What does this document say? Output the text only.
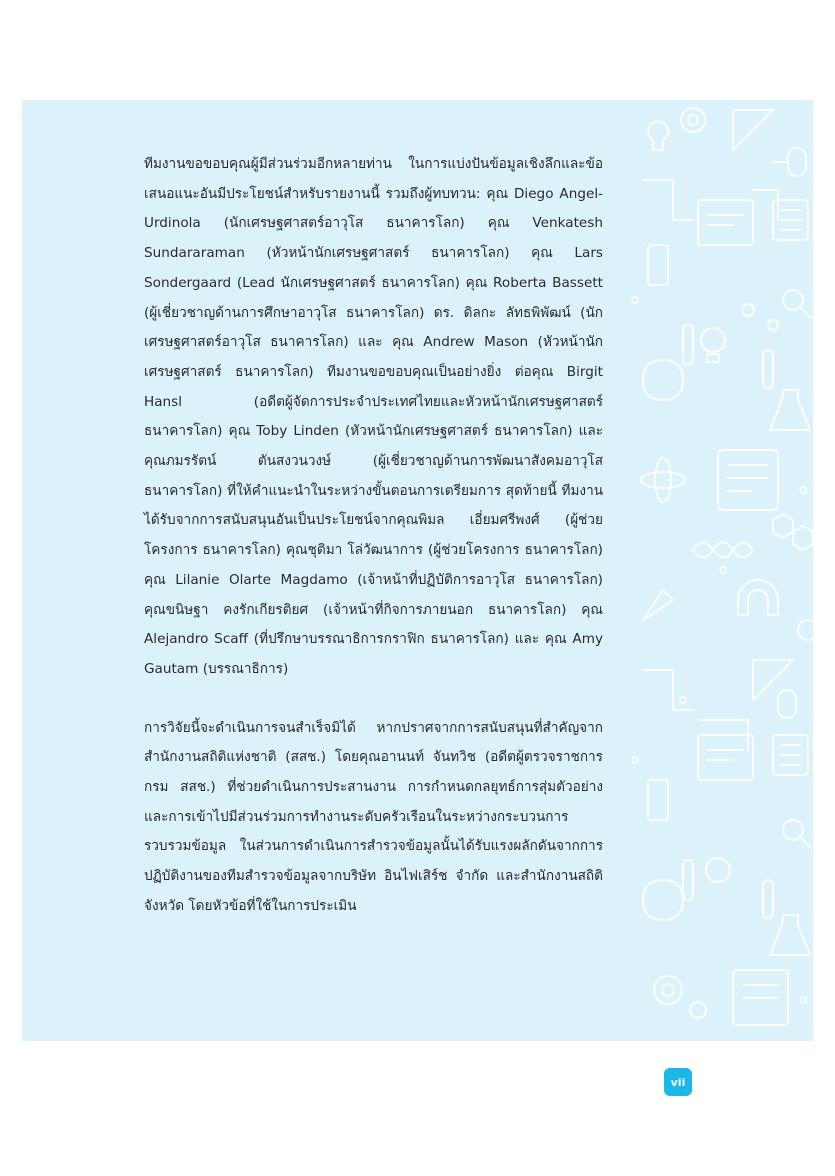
ทีมงานขอขอบคุณผู้มีส่วนร่วมอีกหลายท่าน ในการแบ่งปันข้อมูลเชิงลึกและข้อเสนอแนะอันมีประโยชน์สำหรับรายงานนี้ รวมถึงผู้ทบทวน: คุณ Diego Angel-Urdinola (นักเศรษฐศาสตร์อาวุโส ธนาคารโลก) คุณ Venkatesh Sundararaman (หัวหน้านักเศรษฐศาสตร์ ธนาคารโลก) คุณ Lars Sondergaard (Lead นักเศรษฐศาสตร์ ธนาคารโลก) คุณ Roberta Bassett (ผู้เชี่ยวชาญด้านการศึกษาอาวุโส ธนาคารโลก) ดร. ดิลกะ ลัทธพิพัฒน์ (นักเศรษฐศาสตร์อาวุโส ธนาคารโลก) และ คุณ Andrew Mason (หัวหน้านักเศรษฐศาสตร์ ธนาคารโลก) ทีมงานขอขอบคุณเป็นอย่างยิ่ง ต่อคุณ Birgit Hansl (อดีตผู้จัดการประจำประเทศไทยและหัวหน้านักเศรษฐศาสตร์ ธนาคารโลก) คุณ Toby Linden (หัวหน้านักเศรษฐศาสตร์ ธนาคารโลก) และ คุณภมรรัตน์ ตันสงวนวงษ์ (ผู้เชี่ยวชาญด้านการพัฒนาสังคมอาวุโส ธนาคารโลก) ที่ให้คำแนะนำในระหว่างขั้นตอนการเตรียมการ สุดท้ายนี้ ทีมงานได้รับจากการสนับสนุนอันเป็นประโยชน์จากคุณพิมล เอี่ยมศรีพงศ์ (ผู้ช่วยโครงการ ธนาคารโลก) คุณชุติมา โล่วัฒนาการ (ผู้ช่วยโครงการ ธนาคารโลก) คุณ Lilanie Olarte Magdamo (เจ้าหน้าที่ปฏิบัติการอาวุโส ธนาคารโลก) คุณขนิษฐา คงรักเกียรติยศ (เจ้าหน้าที่กิจการภายนอก ธนาคารโลก) คุณ Alejandro Scaff (ที่ปรึกษาบรรณาธิการกราฟิก ธนาคารโลก) และ คุณ Amy Gautam (บรรณาธิการ)

การวิจัยนี้จะดำเนินการจนสำเร็จมิได้ หากปราศจากการสนับสนุนที่สำคัญจากสำนักงานสถิติแห่งชาติ (สสช.) โดยคุณอานนท์ จันทวิช (อดีตผู้ตรวจราชการกรม สสช.) ที่ช่วยดำเนินการประสานงาน การกำหนดกลยุทธ์การสุ่มตัวอย่าง และการเข้าไปมีส่วนร่วมการทำงานระดับครัวเรือนในระหว่างกระบวนการรวบรวมข้อมูล ในส่วนการดำเนินการสำรวจข้อมูลนั้นได้รับแรงผลักดันจากการปฏิบัติงานของทีมสำรวจข้อมูลจากบริษัท อินไฟเสิร์ช จำกัด และสำนักงานสถิติจังหวัด โดยหัวข้อที่ใช้ในการประเมิน

vii
